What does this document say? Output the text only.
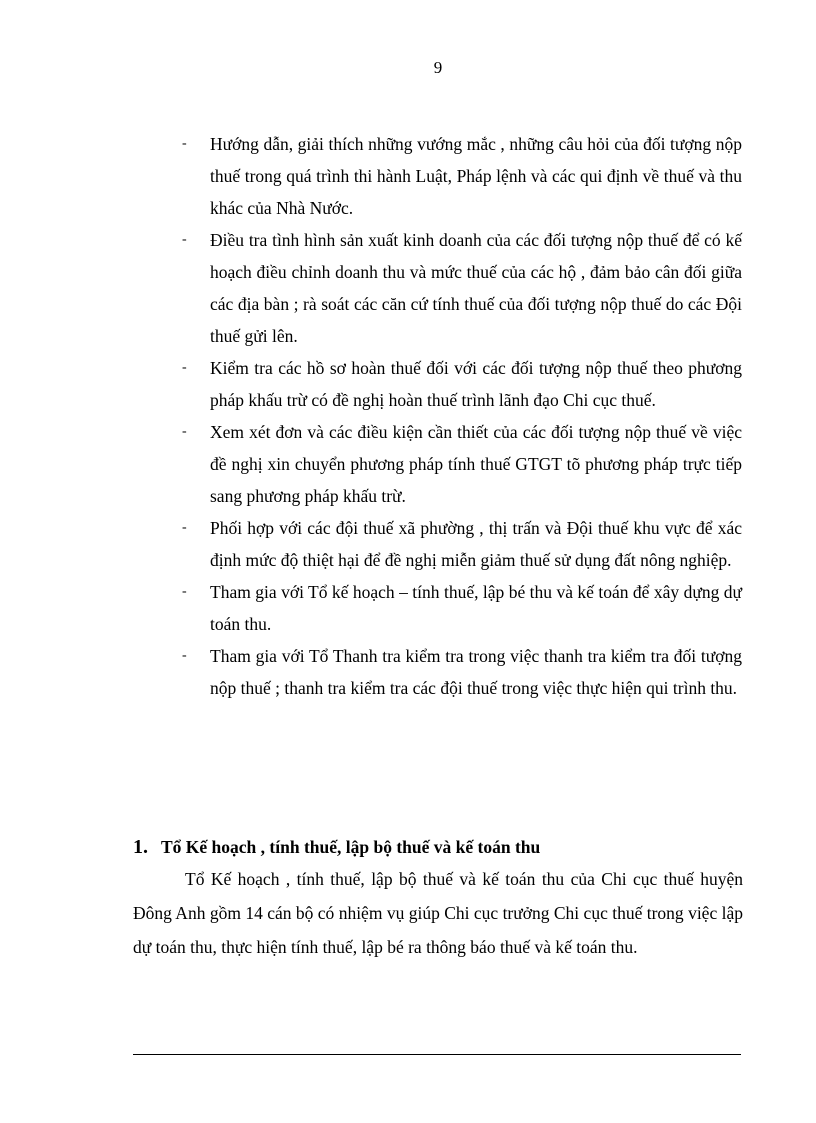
9
- Hướng dẫn, giải thích những vướng mắc , những câu hỏi của đối tượng nộp thuế trong quá trình thi hành Luật, Pháp lệnh và các qui định về thuế và thu khác của Nhà Nước.
- Điều tra tình hình sản xuất kinh doanh của các đối tượng nộp thuế để có kế hoạch điều chỉnh doanh thu và mức thuế của các hộ , đảm bảo cân đối giữa các địa bàn ; rà soát các căn cứ tính thuế của đối tượng nộp thuế do các Đội thuế gửi lên.
- Kiểm tra các hồ sơ hoàn thuế đối với các đối tượng nộp thuế theo phương pháp khấu trừ có đề nghị hoàn thuế trình lãnh đạo Chi cục thuế.
- Xem xét đơn và các điều kiện cần thiết của các đối tượng nộp thuế về việc đề nghị xin chuyển phương pháp tính thuế GTGT tõ phương pháp trực tiếp sang phương pháp khấu trừ.
- Phối hợp với các đội thuế xã phường , thị trấn và Đội thuế khu vực để xác định mức độ thiệt hại để đề nghị miễn giảm thuế sử dụng đất nông nghiệp.
- Tham gia với Tổ kế hoạch – tính thuế, lập bé thu và kế toán để xây dựng dự toán thu.
- Tham gia với Tổ Thanh tra kiểm tra trong việc thanh tra kiểm tra đối tượng nộp thuế ; thanh tra kiểm tra các đội thuế trong việc thực hiện qui trình thu.
1. Tổ Kế hoạch , tính thuế, lập bộ thuế và kế toán thu

Tổ Kế hoạch , tính thuế, lập bộ thuế và kế toán thu của Chi cục thuế huyện Đông Anh gồm 14 cán bộ có nhiệm vụ giúp Chi cục trưởng Chi cục thuế trong việc lập dự toán thu, thực hiện tính thuế, lập bé ra thông báo thuế và kế toán thu.
